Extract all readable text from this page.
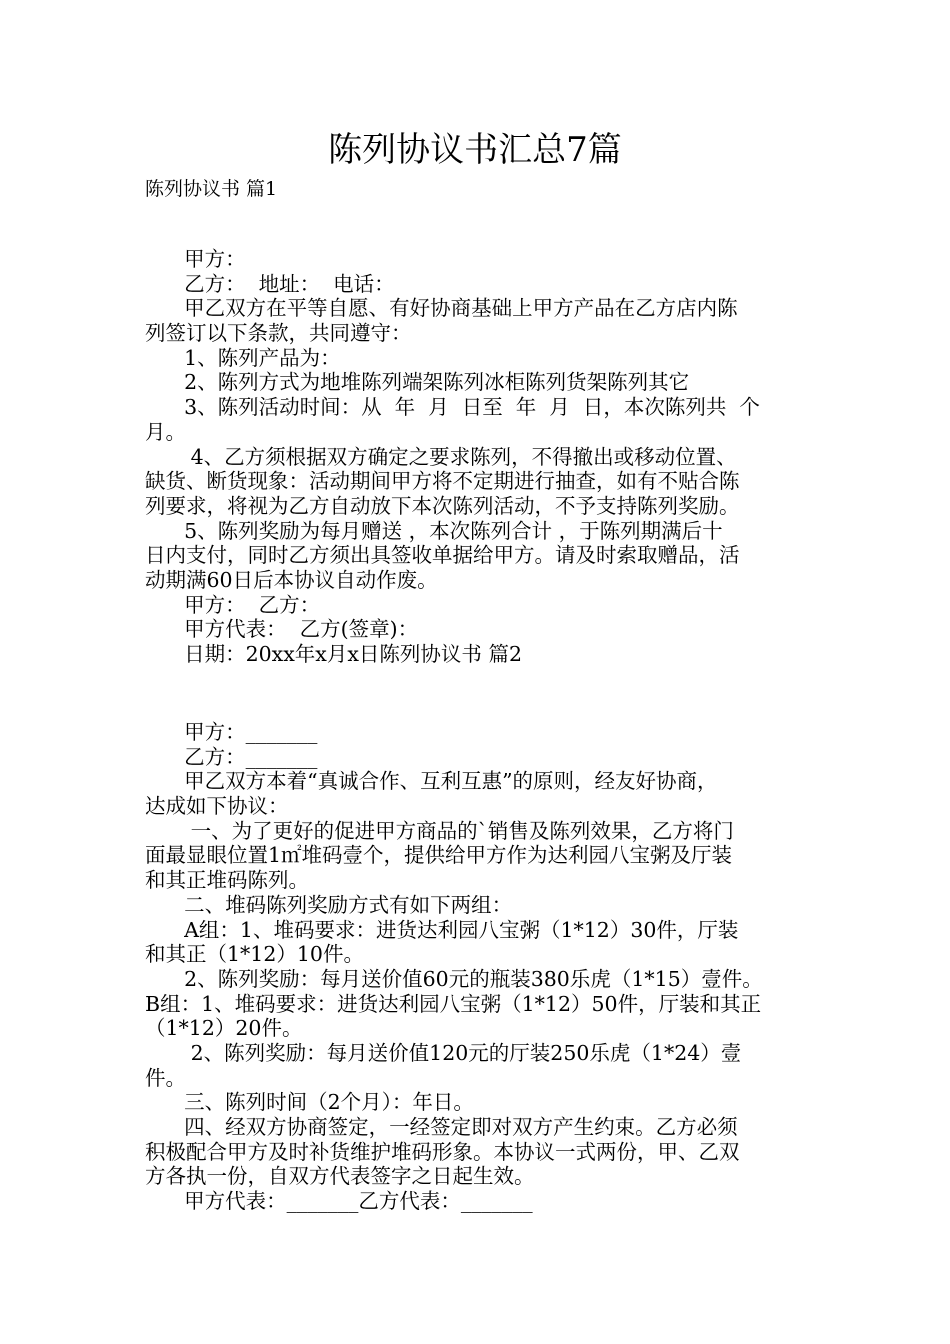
陈列协议书汇总7篇
陈列协议书 篇1
甲方：
乙方：  地址：  电话：
甲乙双方在平等自愿、有好协商基础上甲方产品在乙方店内陈
列签订以下条款，共同遵守：
1、陈列产品为：
2、陈列方式为地堆陈列端架陈列冰柜陈列货架陈列其它
3、陈列活动时间：从  年  月  日至  年  月  日，本次陈列共  个
月。
4、乙方须根据双方确定之要求陈列，不得撤出或移动位置、
缺货、断货现象：活动期间甲方将不定期进行抽查，如有不贴合陈
列要求，将视为乙方自动放下本次陈列活动，不予支持陈列奖励。
5、陈列奖励为每月赠送 ，本次陈列合计 ，于陈列期满后十
日内支付，同时乙方须出具签收单据给甲方。请及时索取赠品，活
动期满60日后本协议自动作废。
甲方：  乙方：
甲方代表：  乙方(签章)：
日期：20xx年x月x日陈列协议书 篇2
甲方：_______
乙方：_______
甲乙双方本着“真诚合作、互利互惠”的原则，经友好协商，
达成如下协议：
一、为了更好的促进甲方商品的`销售及陈列效果，乙方将门
面最显眼位置1㎡堆码壹个，提供给甲方作为达利园八宝粥及厅装
和其正堆码陈列。
二、堆码陈列奖励方式有如下两组：
A组：1、堆码要求：进货达利园八宝粥（1*12）30件，厅装
和其正（1*12）10件。
2、陈列奖励：每月送价值60元的瓶装380乐虎（1*15）壹件。
B组：1、堆码要求：进货达利园八宝粥（1*12）50件，厅装和其正
（1*12）20件。
2、陈列奖励：每月送价值120元的厅装250乐虎（1*24）壹
件。
三、陈列时间（2个月）：年日。
四、经双方协商签定，一经签定即对双方产生约束。乙方必须
积极配合甲方及时补货维护堆码形象。本协议一式两份，甲、乙双
方各执一份，自双方代表签字之日起生效。
甲方代表：_______乙方代表：_______
